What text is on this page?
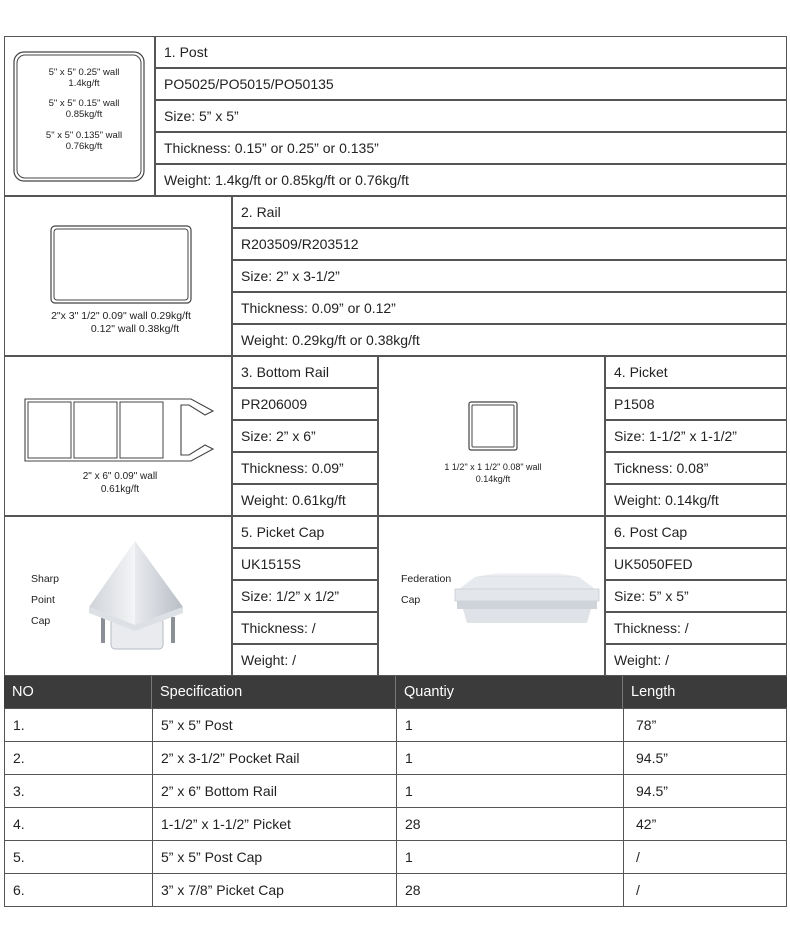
5" x 5" 0.25" wall
1.4kg/ft
5" x 5" 0.15" wall
0.85kg/ft
5" x 5" 0.135" wall
0.76kg/ft
1. Post
PO5025/PO5015/PO50135
Size: 5” x 5”
Thickness: 0.15” or 0.25” or 0.135”
Weight: 1.4kg/ft or 0.85kg/ft or 0.76kg/ft
2"x 3" 1/2" 0.09" wall 0.29kg/ft
0.12" wall 0.38kg/ft
2. Rail
R203509/R203512
Size: 2” x 3-1/2”
Thickness: 0.09” or 0.12”
Weight: 0.29kg/ft or 0.38kg/ft
2" x 6" 0.09" wall
0.61kg/ft
3. Bottom Rail
PR206009
Size: 2” x 6”
Thickness: 0.09”
Weight: 0.61kg/ft
1 1/2" x 1 1/2" 0.08" wall
0.14kg/ft
4. Picket
P1508
Size: 1-1/2” x 1-1/2”
Tickness: 0.08”
Weight: 0.14kg/ft
Sharp
Point
Cap
5. Picket Cap
UK1515S
Size: 1/2” x 1/2”
Thickness: /
Weight: /
Federation
Cap
6. Post Cap
UK5050FED
Size: 5” x 5”
Thickness: /
Weight: /
NO	Specification	Quantiy	Length
1.	5” x 5” Post	1	78”
2.	2” x 3-1/2” Pocket Rail	1	94.5”
3.	2” x 6” Bottom Rail	1	94.5”
4.	1-1/2” x 1-1/2” Picket	28	42”
5.	5” x 5” Post Cap	1	/
6.	3” x 7/8” Picket Cap	28	/
